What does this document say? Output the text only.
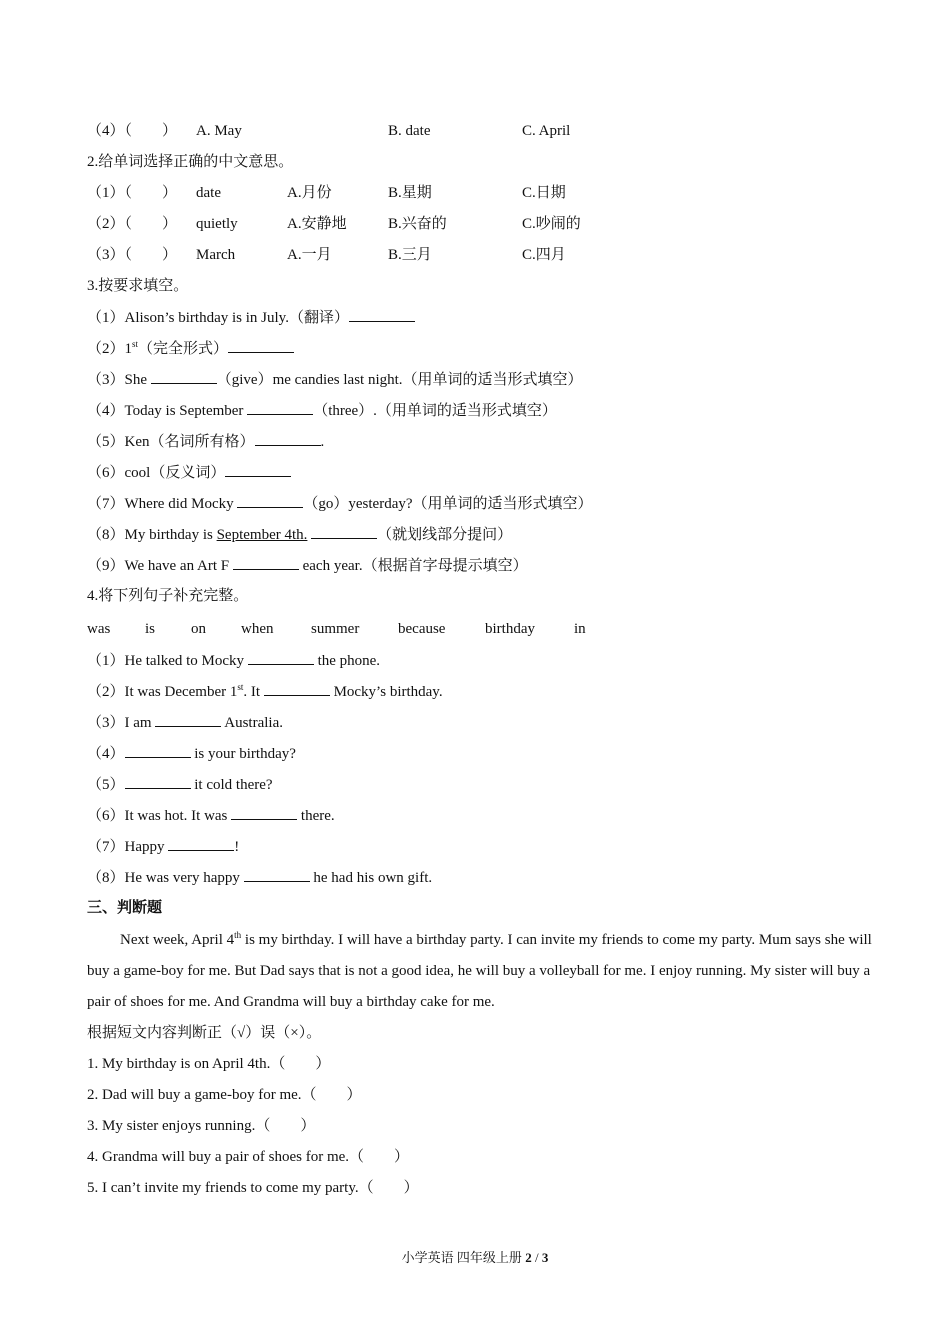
（4）（　　） A. May	B. date	C. April
2.给单词选择正确的中文意思。
（1）（　　） date	A.月份	B.星期	C.日期
（2）（　　） quietly	A.安静地	B.兴奋的	C.吵闹的
（3）（　　） March	A.一月	B.三月	C.四月
3.按要求填空。
（1）Alison’s birthday is in July.（翻译）
（2）1st（完全形式）
（3）She	（give）me candies last night.（用单词的适当形式填空）
（4）Today is September	（three）.（用单词的适当形式填空）
（5）Ken（名词所有格）	.
（6）cool（反义词）
（7）Where did Mocky	（go）yesterday?（用单词的适当形式填空）
（8）My birthday is September 4th.	（就划线部分提问）
（9）We have an Art F	each year.（根据首字母提示填空）
4.将下列句子补充完整。
was is on when	summer	because	birthday	in
（1）He talked to Mocky	the phone.
（2）It was December 1st. It	Mocky’s birthday.
（3）I am	Australia.
（4）	is your birthday?
（5）	it cold there?
（6）It was hot. It was	there.
（7）Happy	!
（8）He was very happy	he had his own gift.
三、判断题
Next week, April 4th is my birthday. I will have a birthday party. I can invite my friends to come my party. Mum says she will buy a game-boy for me. But Dad says that is not a good idea, he will buy a volleyball for me. I enjoy running. My sister will buy a pair of shoes for me. And Grandma will buy a birthday cake for me.
根据短文内容判断正（√）误（×）。
1. My birthday is on April 4th.（　　）
2. Dad will buy a game-boy for me.（　　）
3. My sister enjoys running.（　　）
4. Grandma will buy a pair of shoes for me.（　　）
5. I can’t invite my friends to come my party.（　　）
小学英语 四年级上册 2 / 3
